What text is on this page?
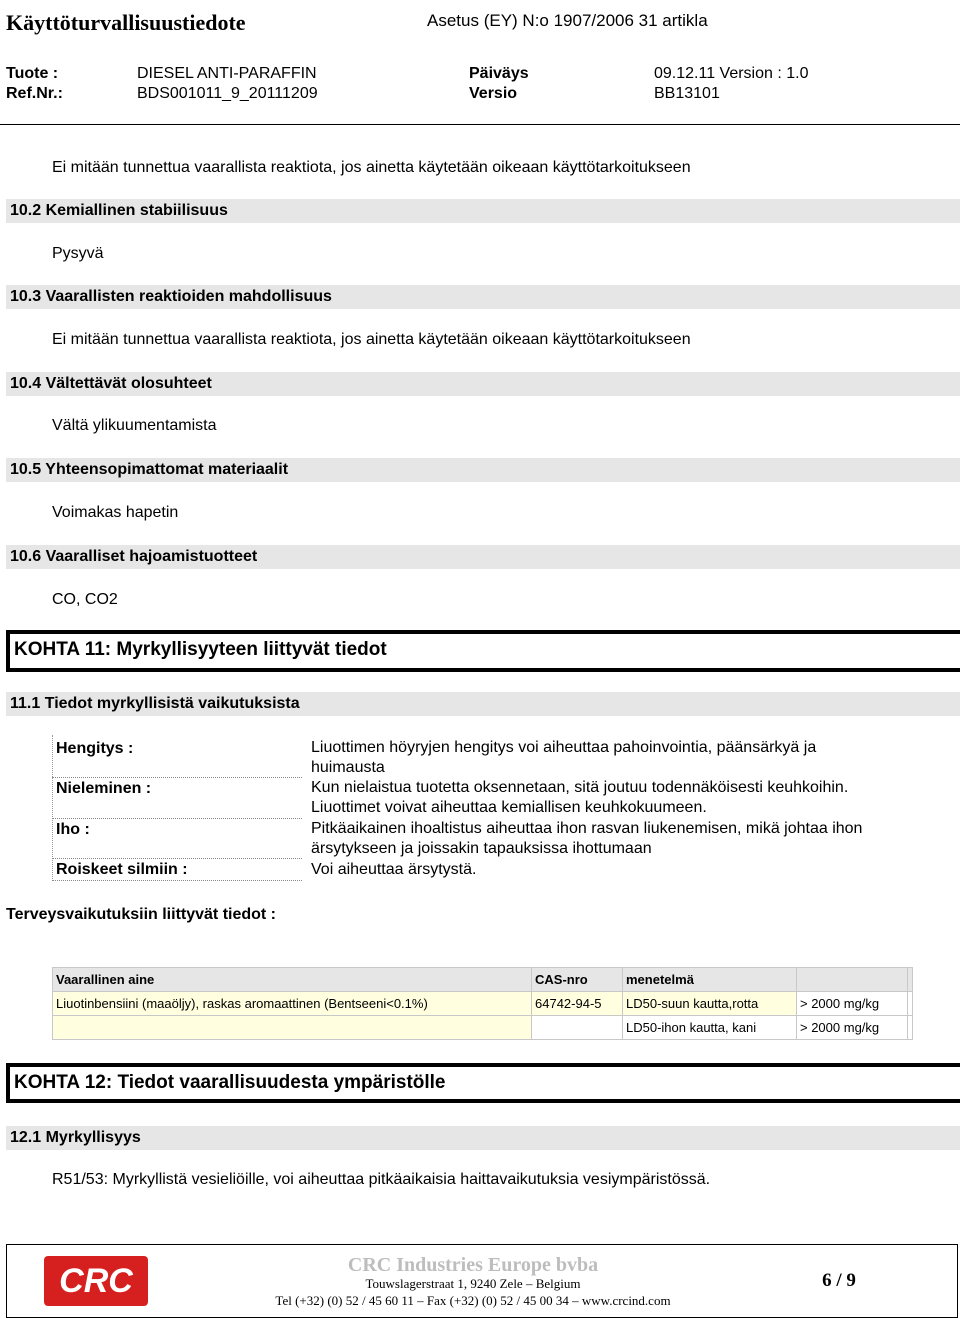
Käyttöturvallisuustiedote	Asetus (EY) N:o 1907/2006 31 artikla
Tuote :	DIESEL ANTI-PARAFFIN	Päiväys	09.12.11 Version : 1.0
Ref.Nr.:	BDS001011_9_20111209	Versio	BB13101
Ei mitään tunnettua vaarallista reaktiota, jos ainetta käytetään oikeaan käyttötarkoitukseen
10.2 Kemiallinen stabiilisuus
Pysyvä
10.3 Vaarallisten reaktioiden mahdollisuus
Ei mitään tunnettua vaarallista reaktiota, jos ainetta käytetään oikeaan käyttötarkoitukseen
10.4 Vältettävät olosuhteet
Vältä ylikuumentamista
10.5 Yhteensopimattomat materiaalit
Voimakas hapetin
10.6 Vaaralliset hajoamistuotteet
CO, CO2
KOHTA 11: Myrkyllisyyteen liittyvät tiedot
11.1 Tiedot myrkyllisistä vaikutuksista
Hengitys :	Liuottimen höyryjen hengitys voi aiheuttaa pahoinvointia, päänsärkyä ja
huimausta
Nieleminen :	Kun nielaistua tuotetta oksennetaan, sitä joutuu todennäköisesti keuhkoihin.
Liuottimet voivat aiheuttaa kemiallisen keuhkokuumeen.
Iho :	Pitkäaikainen ihoaltistus aiheuttaa ihon rasvan liukenemisen, mikä johtaa ihon
ärsytykseen ja joissakin tapauksissa ihottumaan
Roiskeet silmiin :	Voi aiheuttaa ärsytystä.
Terveysvaikutuksiin liittyvät tiedot :
Vaarallinen aine	CAS-nro	menetelmä		
Liuotinbensiini (maaöljy), raskas aromaattinen (Bentseeni<0.1%)	64742-94-5	LD50-suun kautta,rotta	> 2000 mg/kg	
		LD50-ihon kautta, kani	> 2000 mg/kg	
KOHTA 12: Tiedot vaarallisuudesta ympäristölle
12.1 Myrkyllisyys
R51/53: Myrkyllistä vesieliöille, voi aiheuttaa pitkäaikaisia haittavaikutuksia vesiympäristössä.
CRC	CRC Industries Europe bvba
Touwslagerstraat 1, 9240 Zele – Belgium
Tel (+32) (0) 52 / 45 60 11 – Fax (+32) (0) 52 / 45 00 34 – www.crcind.com
6 / 9
